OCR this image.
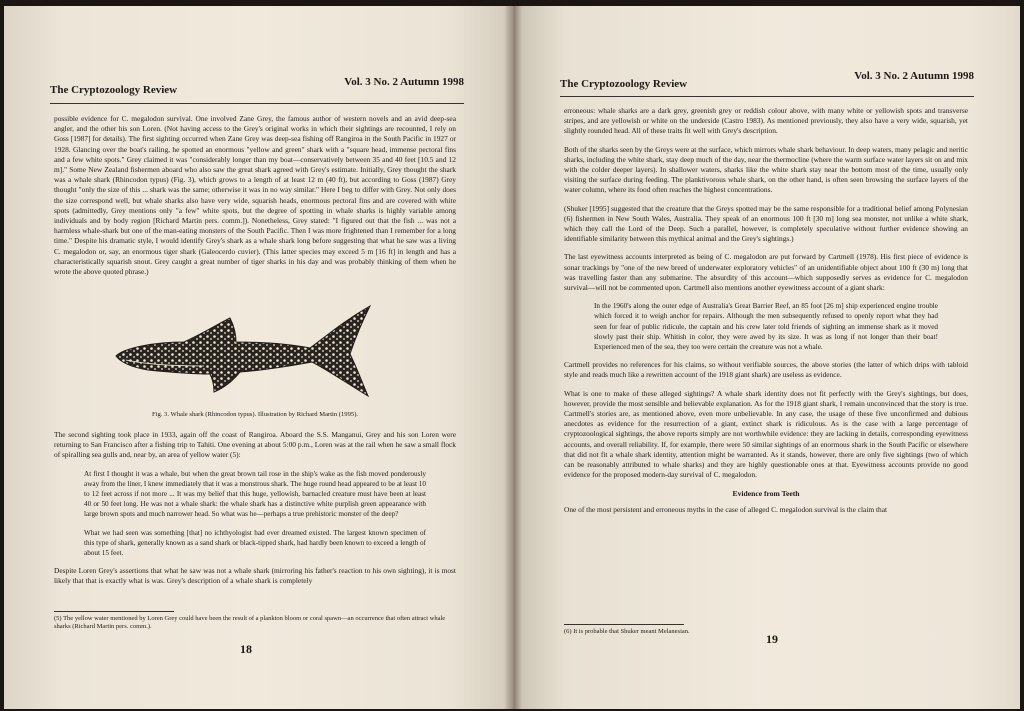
The Cryptozoology Review
Vol. 3 No. 2 Autumn 1998

possible evidence for C. megalodon survival. One involved Zane Grey, the famous author of western novels and an avid deep-sea angler, and the other his son Loren. (Not having access to the Grey's original works in which their sightings are recounted, I rely on Goss [1987] for details). The first sighting occurred when Zane Grey was deep-sea fishing off Rangiroa in the South Pacific in 1927 or 1928. Glancing over the boat's railing, he spotted an enormous "yellow and green" shark with a "square head, immense pectoral fins and a few white spots." Grey claimed it was "considerably longer than my boat—conservatively between 35 and 40 feet [10.5 and 12 m]." Some New Zealand fishermen aboard who also saw the great shark agreed with Grey's estimate. Initially, Grey thought the shark was a whale shark (Rhincodon typus) (Fig. 3), which grows to a length of at least 12 m (40 ft), but according to Goss (1987) Grey thought "only the size of this ... shark was the same; otherwise it was in no way similar." Here I beg to differ with Grey. Not only does the size correspond well, but whale sharks also have very wide, squarish heads, enormous pectoral fins and are covered with white spots (admittedly, Grey mentions only "a few" white spots, but the degree of spotting in whale sharks is highly variable among individuals and by body region [Richard Martin pers. comm.]). Nonetheless, Grey stated: "I figured out that the fish ... was not a harmless whale-shark but one of the man-eating monsters of the South Pacific. Then I was more frightened than I remember for a long time." Despite his dramatic style, I would identify Grey's shark as a whale shark long before suggesting that what he saw was a living C. megalodon or, say, an enormous tiger shark (Galeocerdo cuvier). (This latter species may exceed 5 m [16 ft] in length and has a characteristically squarish snout. Grey caught a great number of tiger sharks in his day and was probably thinking of them when he wrote the above quoted phrase.)

Fig. 3. Whale shark (Rhincodon typus). Illustration by Richard Martin (1995).

The second sighting took place in 1933, again off the coast of Rangiroa. Aboard the S.S. Manganui, Grey and his son Loren were returning to San Francisco after a fishing trip to Tahiti. One evening at about 5:00 p.m., Loren was at the rail when he saw a small flock of spiralling sea gulls and, near by, an area of yellow water (5):

At first I thought it was a whale, but when the great brown tail rose in the ship's wake as the fish moved ponderously away from the liner, I knew immediately that it was a monstrous shark. The huge round head appeared to be at least 10 to 12 feet across if not more ... It was my belief that this huge, yellowish, barnacled creature must have been at least 40 or 50 feet long. He was not a whale shark: the whale shark has a distinctive white purplish green appearance with large brown spots and much narrower head. So what was he—perhaps a true prehistoric monster of the deep?
What we had seen was something [that] no ichthyologist had ever dreamed existed. The largest known specimen of this type of shark, generally known as a sand shark or black-tipped shark, had hardly been known to exceed a length of about 15 feet.

Despite Loren Grey's assertions that what he saw was not a whale shark (mirroring his father's reaction to his own sighting), it is most likely that that is exactly what is was. Grey's description of a whale shark is completely

(5) The yellow water mentioned by Loren Grey could have been the result of a plankton bloom or coral spawn—an occurrence that often attract whale sharks (Richard Martin pers. comm.).
18
The Cryptozoology Review
Vol. 3 No. 2 Autumn 1998

erroneous: whale sharks are a dark grey, greenish grey or reddish colour above, with many white or yellowish spots and transverse stripes, and are yellowish or white on the underside (Castro 1983). As mentioned previously, they also have a very wide, squarish, yet slightly rounded head. All of these traits fit well with Grey's description.

Both of the sharks seen by the Greys were at the surface, which mirrors whale shark behaviour. In deep waters, many pelagic and neritic sharks, including the white shark, stay deep much of the day, near the thermocline (where the warm surface water layers sit on and mix with the colder deeper layers). In shallower waters, sharks like the white shark stay near the bottom most of the time, usually only visiting the surface during feeding. The planktivorous whale shark, on the other hand, is often seen browsing the surface layers of the water column, where its food often reaches the highest concentrations.

(Shuker [1995] suggested that the creature that the Greys spotted may be the same responsible for a traditional belief among Polynesian (6) fishermen in New South Wales, Australia. They speak of an enormous 100 ft [30 m] long sea monster, not unlike a white shark, which they call the Lord of the Deep. Such a parallel, however, is completely speculative without further evidence showing an identifiable similarity between this mythical animal and the Grey's sightings.)

The last eyewitness accounts interpreted as being of C. megalodon are put forward by Cartmell (1978). His first piece of evidence is sonar trackings by "one of the new breed of underwater exploratory vehicles" of an unidentifiable object about 100 ft (30 m) long that was travelling faster than any submarine. The absurdity of this account—which supposedly serves as evidence for C. megalodon survival—will not be commented upon. Cartmell also mentions another eyewitness account of a giant shark:

In the 1960's along the outer edge of Australia's Great Barrier Reef, an 85 foot [26 m] ship experienced engine trouble which forced it to weigh anchor for repairs. Although the men subsequently refused to openly report what they had seen for fear of public ridicule, the captain and his crew later told friends of sighting an immense shark as it moved slowly past their ship. Whitish in color, they were awed by its size. It was as long if not longer than their boat! Experienced men of the sea, they too were certain the creature was not a whale.

Cartmell provides no references for his claims, so without verifiable sources, the above stories (the latter of which drips with tabloid style and reads much like a rewritten account of the 1918 giant shark) are useless as evidence.

What is one to make of these alleged sightings? A whale shark identity does not fit perfectly with the Grey's sightings, but does, however, provide the most sensible and believable explanation. As for the 1918 giant shark, I remain unconvinced that the story is true. Cartmell's stories are, as mentioned above, even more unbelievable. In any case, the usage of these five unconfirmed and dubious anecdotes as evidence for the resurrection of a giant, extinct shark is ridiculous. As is the case with a large percentage of cryptozoological sightings, the above reports simply are not worthwhile evidence: they are lacking in details, corresponding eyewitness accounts, and overall reliability. If, for example, there were 50 similar sightings of an enormous shark in the South Pacific or elsewhere that did not fit a whale shark identity, attention might be warranted. As it stands, however, there are only five sightings (two of which can be reasonably attributed to whale sharks) and they are highly questionable ones at that. Eyewitness accounts provide no good evidence for the proposed modern-day survival of C. megalodon.

Evidence from Teeth

One of the most persistent and erroneous myths in the case of alleged C. megalodon survival is the claim that

(6) It is probable that Shuker meant Melanesian.
19
